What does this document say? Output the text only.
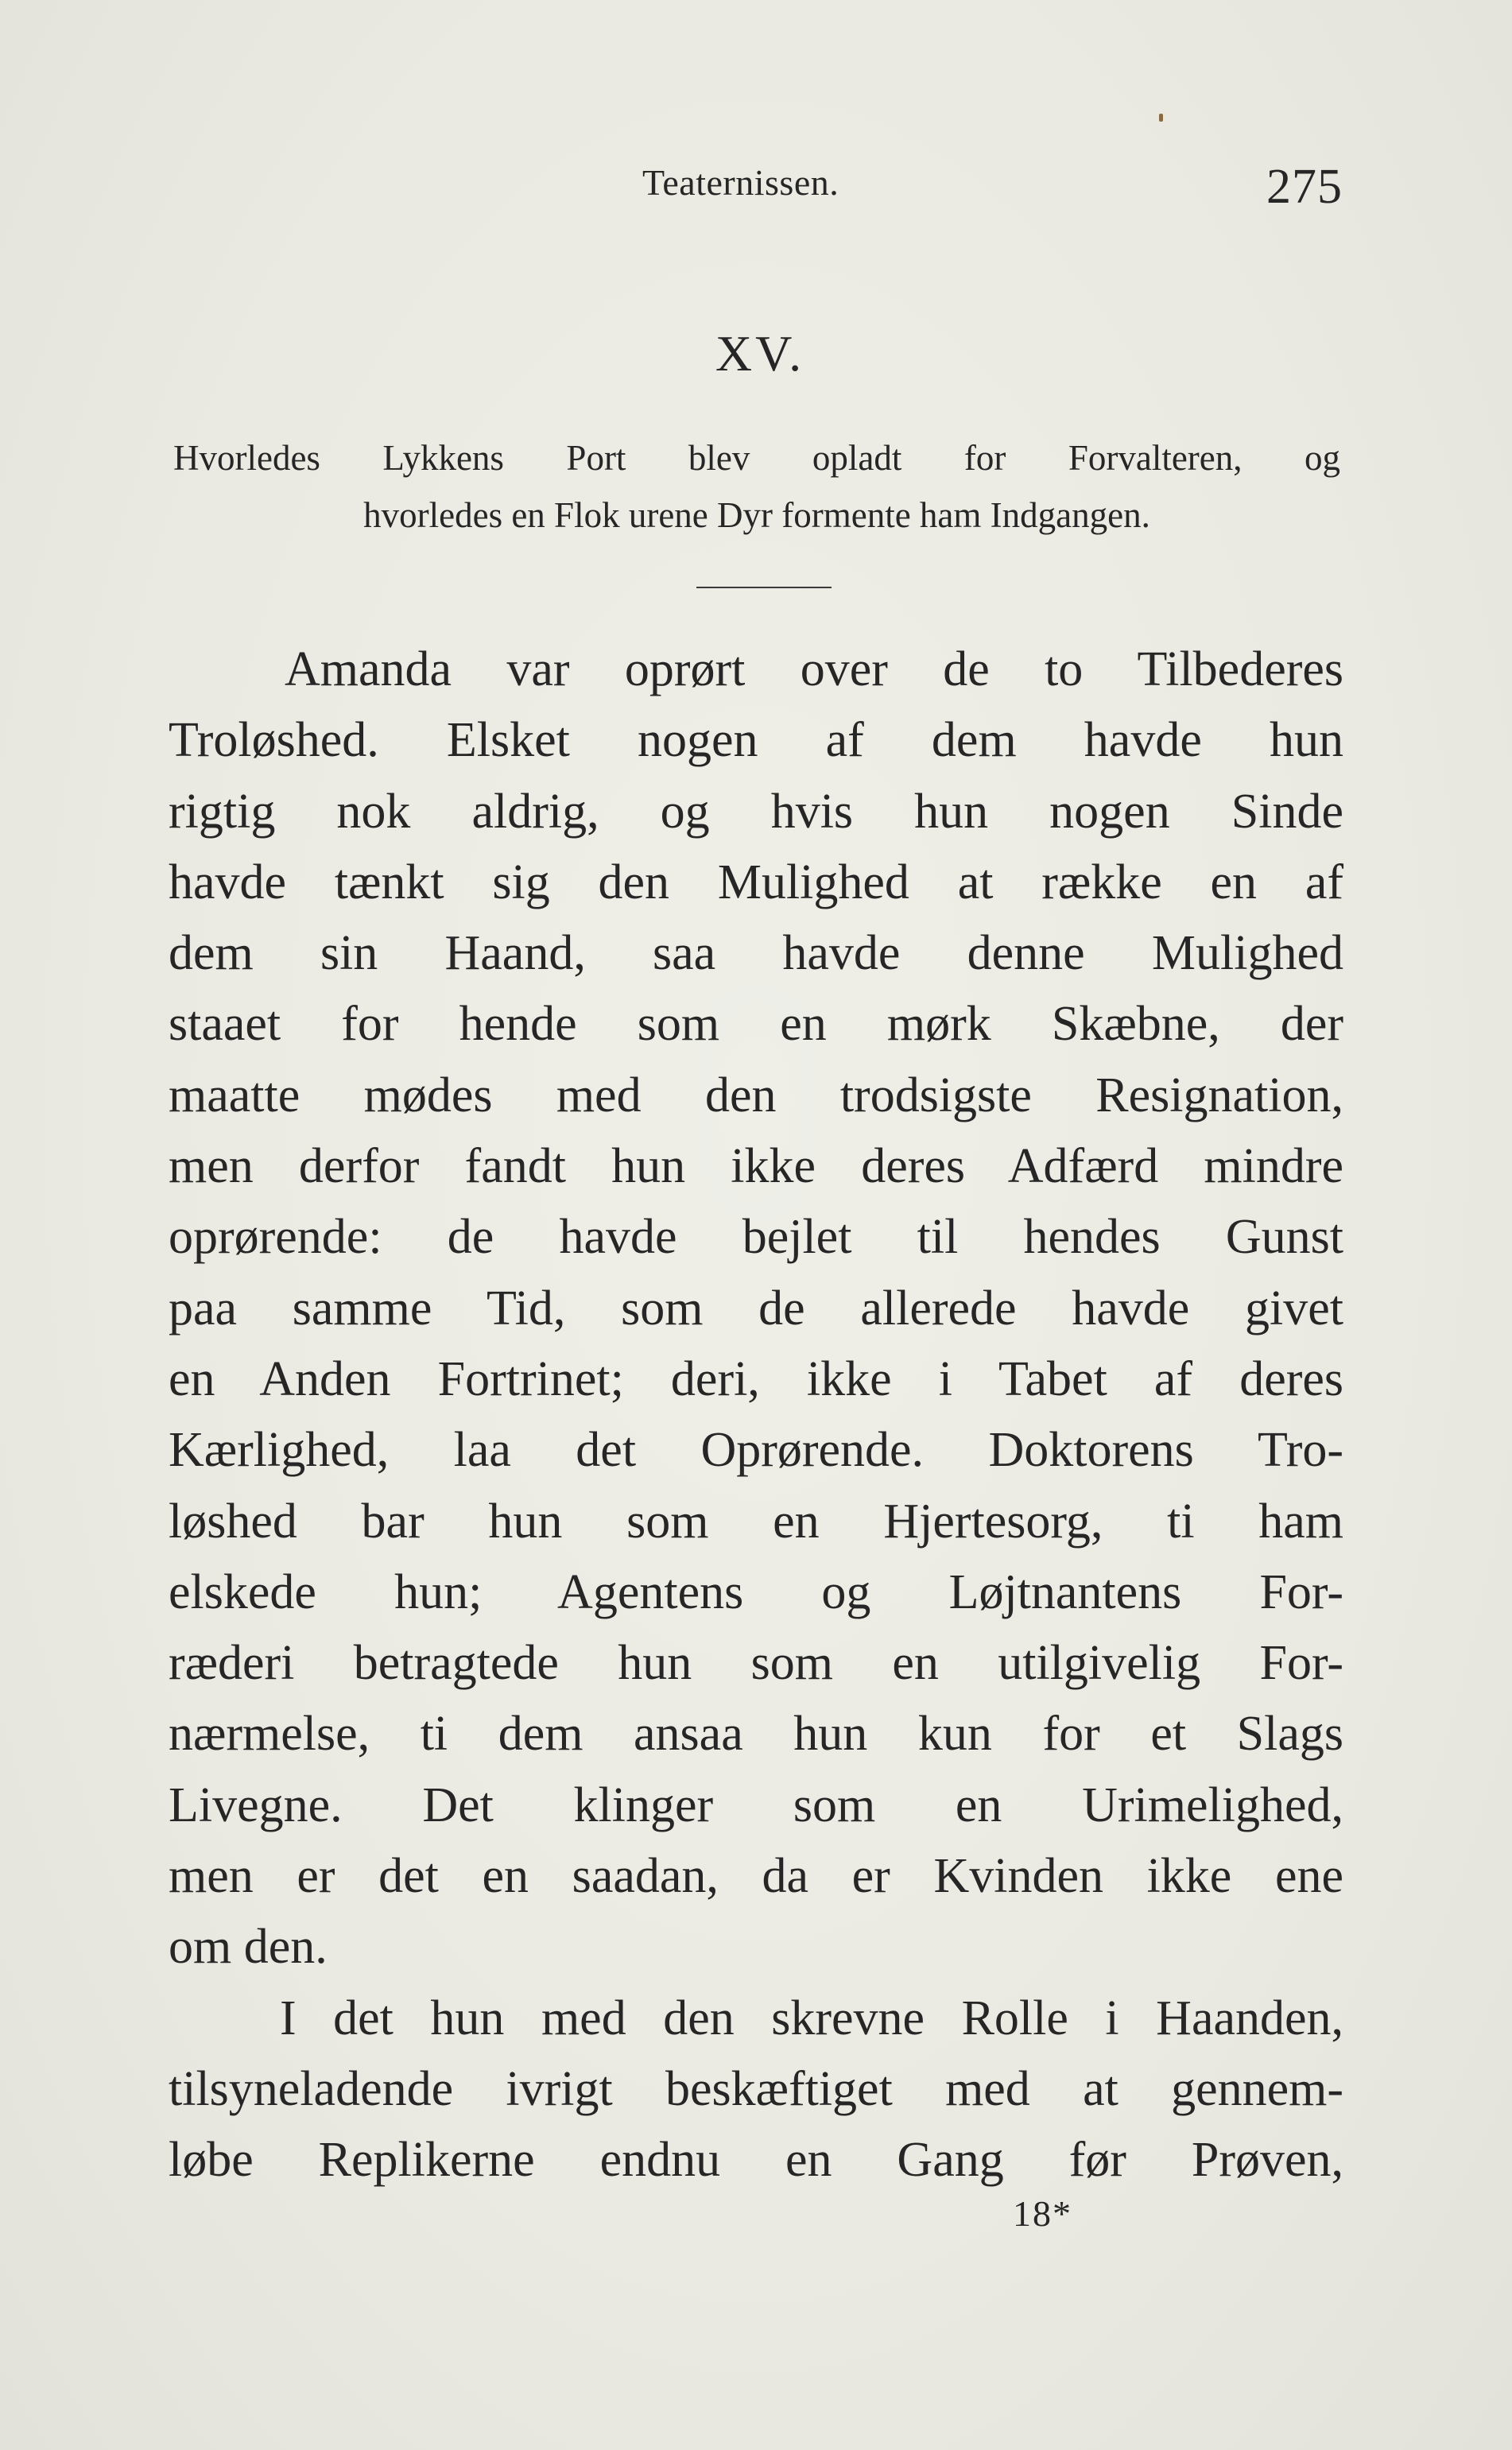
Teaternissen.	275
XV.
Hvorledes Lykkens Port blev opladt for Forvalteren, og
hvorledes en Flok urene Dyr formente ham Indgangen.
Amanda var oprørt over de to Tilbederes
Troløshed. Elsket nogen af dem havde hun
rigtig nok aldrig, og hvis hun nogen Sinde
havde tænkt sig den Mulighed at række en af
dem sin Haand, saa havde denne Mulighed
staaet for hende som en mørk Skæbne, der
maatte mødes med den trodsigste Resignation,
men derfor fandt hun ikke deres Adfærd mindre
oprørende: de havde bejlet til hendes Gunst
paa samme Tid, som de allerede havde givet
en Anden Fortrinet; deri, ikke i Tabet af deres
Kærlighed, laa det Oprørende. Doktorens Tro-
løshed bar hun som en Hjertesorg, ti ham
elskede hun; Agentens og Løjtnantens For-
ræderi betragtede hun som en utilgivelig For-
nærmelse, ti dem ansaa hun kun for et Slags
Livegne. Det klinger som en Urimelighed,
men er det en saadan, da er Kvinden ikke ene
om den.
I det hun med den skrevne Rolle i Haanden,
tilsyneladende ivrigt beskæftiget med at gennem-
løbe Replikerne endnu en Gang før Prøven,
18*
